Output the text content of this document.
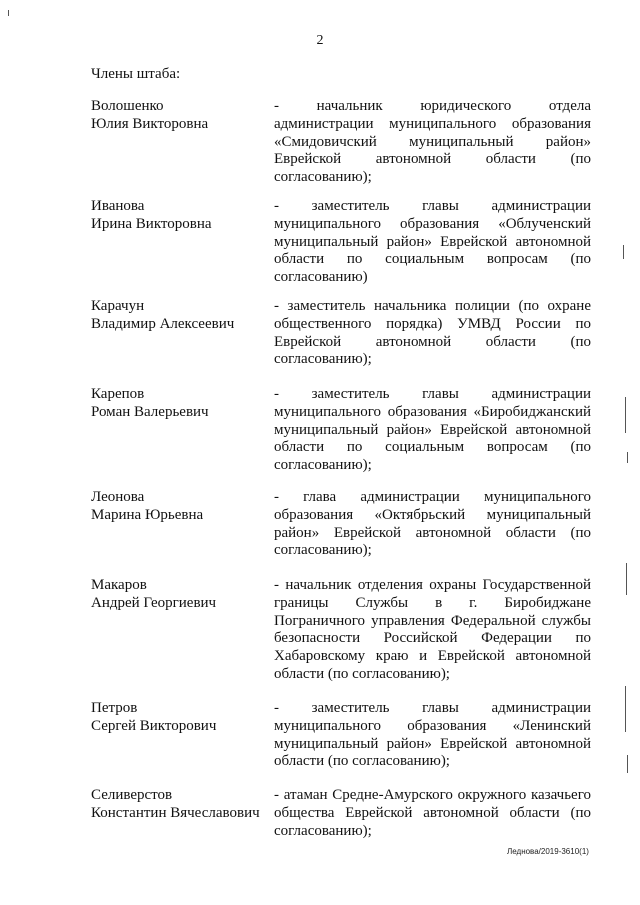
2
Члены штаба:
Волошенко
Юлия Викторовна
- начальник юридического отдела администрации муниципального образования «Смидовичский муниципальный район» Еврейской автономной области (по согласованию);
Иванова
Ирина Викторовна
- заместитель главы администрации муниципального образования «Облученский муниципальный район» Еврейской автономной области по социальным вопросам (по согласованию)
Карачун
Владимир Алексеевич
- заместитель начальника полиции (по охране общественного порядка) УМВД России по Еврейской автономной области (по согласованию);
Карепов
Роман Валерьевич
- заместитель главы администрации муниципального образования «Биробиджанский муниципальный район» Еврейской автономной области по социальным вопросам (по согласованию);
Леонова
Марина Юрьевна
- глава администрации муниципального образования «Октябрьский муниципальный район» Еврейской автономной области (по согласованию);
Макаров
Андрей Георгиевич
- начальник отделения охраны Государственной границы Службы в г. Биробиджане Пограничного управления Федеральной службы безопасности Российской Федерации по Хабаровскому краю и Еврейской автономной области (по согласованию);
Петров
Сергей Викторович
- заместитель главы администрации муниципального образования «Ленинский муниципальный район» Еврейской автономной области (по согласованию);
Селиверстов
Константин Вячеславович
- атаман Средне-Амурского окружного казачьего общества Еврейской автономной области (по согласованию);
Леднова/2019-3610(1)
